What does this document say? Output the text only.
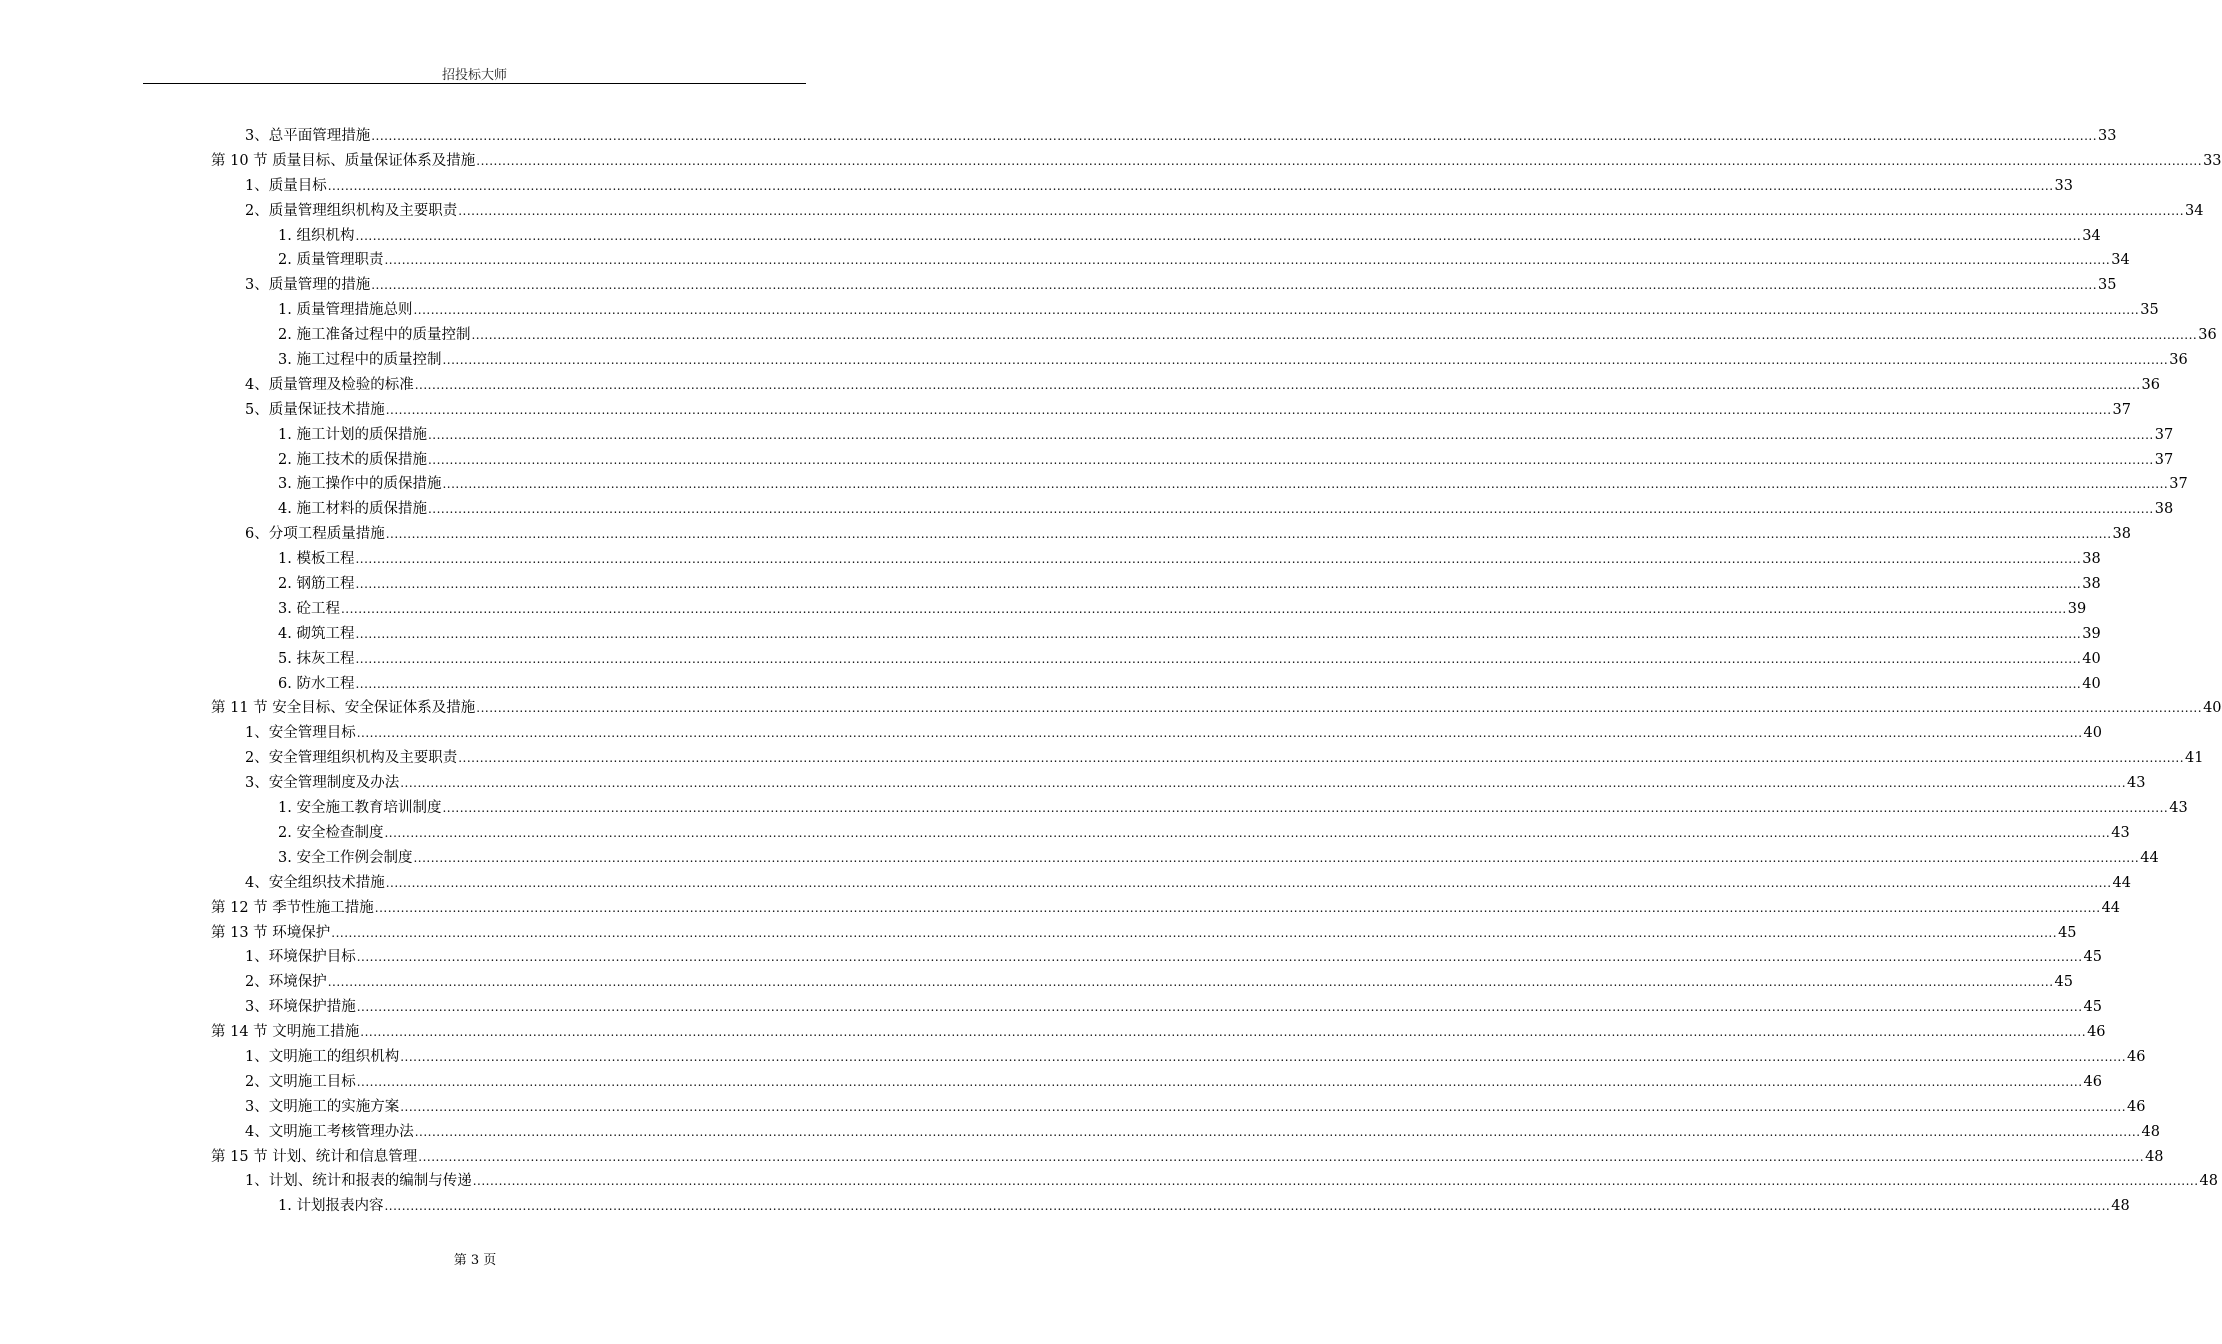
招投标大师
3、 总平面管理措施 ................................................................................................................................................................................................................................................................................................................................................................................................................ 33
第 10 节 质量目标、质量保证体系及措施 ................................................................................................................................................................................................................................................................................................................................................................................................................ 33
1、 质量目标 ................................................................................................................................................................................................................................................................................................................................................................................................................ 33
2、 质量管理组织机构及主要职责 ................................................................................................................................................................................................................................................................................................................................................................................................................ 34
1. 组织机构 ................................................................................................................................................................................................................................................................................................................................................................................................................ 34
2. 质量管理职责 ................................................................................................................................................................................................................................................................................................................................................................................................................ 34
3、 质量管理的措施 ................................................................................................................................................................................................................................................................................................................................................................................................................ 35
1. 质量管理措施总则 ................................................................................................................................................................................................................................................................................................................................................................................................................ 35
2. 施工准备过程中的质量控制 ................................................................................................................................................................................................................................................................................................................................................................................................................ 36
3. 施工过程中的质量控制 ................................................................................................................................................................................................................................................................................................................................................................................................................ 36
4、 质量管理及检验的标准 ................................................................................................................................................................................................................................................................................................................................................................................................................ 36
5、 质量保证技术措施 ................................................................................................................................................................................................................................................................................................................................................................................................................ 37
1. 施工计划的质保措施 ................................................................................................................................................................................................................................................................................................................................................................................................................ 37
2. 施工技术的质保措施 ................................................................................................................................................................................................................................................................................................................................................................................................................ 37
3. 施工操作中的质保措施 ................................................................................................................................................................................................................................................................................................................................................................................................................ 37
4. 施工材料的质保措施 ................................................................................................................................................................................................................................................................................................................................................................................................................ 38
6、 分项工程质量措施 ................................................................................................................................................................................................................................................................................................................................................................................................................ 38
1. 模板工程 ................................................................................................................................................................................................................................................................................................................................................................................................................ 38
2. 钢筋工程 ................................................................................................................................................................................................................................................................................................................................................................................................................ 38
3. 砼工程 ................................................................................................................................................................................................................................................................................................................................................................................................................ 39
4. 砌筑工程 ................................................................................................................................................................................................................................................................................................................................................................................................................ 39
5. 抹灰工程 ................................................................................................................................................................................................................................................................................................................................................................................................................ 40
6. 防水工程 ................................................................................................................................................................................................................................................................................................................................................................................................................ 40
第 11 节 安全目标、安全保证体系及措施 ................................................................................................................................................................................................................................................................................................................................................................................................................ 40
1、 安全管理目标 ................................................................................................................................................................................................................................................................................................................................................................................................................ 40
2、 安全管理组织机构及主要职责 ................................................................................................................................................................................................................................................................................................................................................................................................................ 41
3、 安全管理制度及办法 ................................................................................................................................................................................................................................................................................................................................................................................................................ 43
1. 安全施工教育培训制度 ................................................................................................................................................................................................................................................................................................................................................................................................................ 43
2. 安全检查制度 ................................................................................................................................................................................................................................................................................................................................................................................................................ 43
3. 安全工作例会制度 ................................................................................................................................................................................................................................................................................................................................................................................................................ 44
4、 安全组织技术措施 ................................................................................................................................................................................................................................................................................................................................................................................................................ 44
第 12 节 季节性施工措施 ................................................................................................................................................................................................................................................................................................................................................................................................................ 44
第 13 节 环境保护 ................................................................................................................................................................................................................................................................................................................................................................................................................ 45
1、 环境保护目标 ................................................................................................................................................................................................................................................................................................................................................................................................................ 45
2、 环境保护 ................................................................................................................................................................................................................................................................................................................................................................................................................ 45
3、 环境保护措施 ................................................................................................................................................................................................................................................................................................................................................................................................................ 45
第 14 节 文明施工措施 ................................................................................................................................................................................................................................................................................................................................................................................................................ 46
1、 文明施工的组织机构 ................................................................................................................................................................................................................................................................................................................................................................................................................ 46
2、 文明施工目标 ................................................................................................................................................................................................................................................................................................................................................................................................................ 46
3、 文明施工的实施方案 ................................................................................................................................................................................................................................................................................................................................................................................................................ 46
4、 文明施工考核管理办法 ................................................................................................................................................................................................................................................................................................................................................................................................................ 48
第 15 节 计划、统计和信息管理 ................................................................................................................................................................................................................................................................................................................................................................................................................ 48
1、 计划、统计和报表的编制与传递 ................................................................................................................................................................................................................................................................................................................................................................................................................ 48
1. 计划报表内容 ................................................................................................................................................................................................................................................................................................................................................................................................................ 48
第 3 页
